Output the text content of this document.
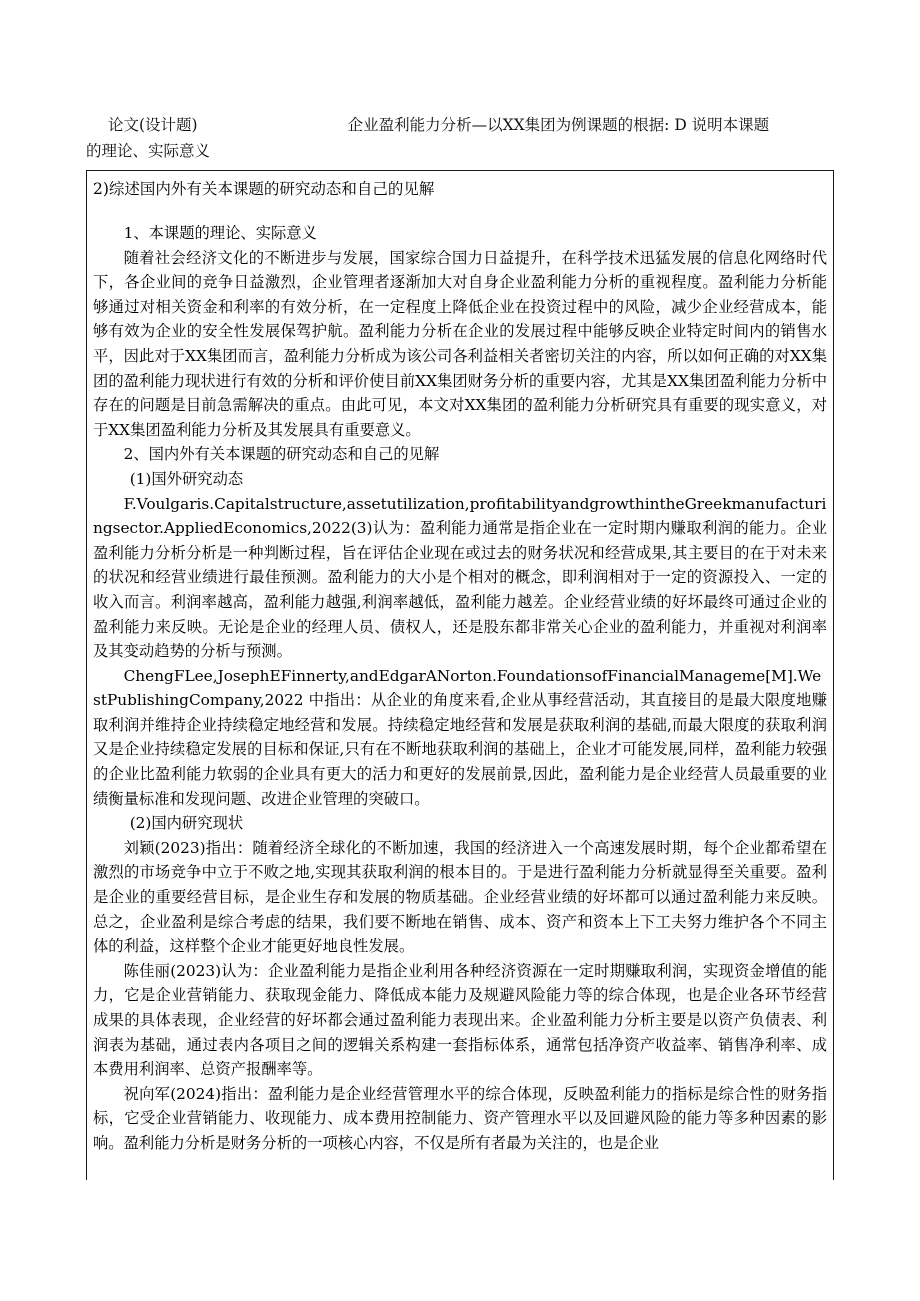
论文(设计题)	企业盈利能力分析—以XX集团为例课题的根据: D 说明本课题
的理论、实际意义
2)综述国内外有关本课题的研究动态和自己的见解

1、本课题的理论、实际意义

随着社会经济文化的不断进步与发展，国家综合国力日益提升，在科学技术迅猛发展的信息化网络时代下，各企业间的竞争日益激烈，企业管理者逐渐加大对自身企业盈利能力分析的重视程度。盈利能力分析能够通过对相关资金和利率的有效分析，在一定程度上降低企业在投资过程中的风险，减少企业经营成本，能够有效为企业的安全性发展保驾护航。盈利能力分析在企业的发展过程中能够反映企业特定时间内的销售水平，因此对于XX集团而言，盈利能力分析成为该公司各利益相关者密切关注的内容，所以如何正确的对XX集团的盈利能力现状进行有效的分析和评价使目前XX集团财务分析的重要内容，尤其是XX集团盈利能力分析中存在的问题是目前急需解决的重点。由此可见，本文对XX集团的盈利能力分析研究具有重要的现实意义，对于XX集团盈利能力分析及其发展具有重要意义。

2、国内外有关本课题的研究动态和自己的见解

(1)国外研究动态

F.Voulgaris.Capitalstructure,assetutilization,profitabilityandgrowthintheGreekmanufacturingsector.AppliedEconomics,2022(3)认为：盈利能力通常是指企业在一定时期内赚取利润的能力。企业盈利能力分析分析是一种判断过程，旨在评估企业现在或过去的财务状况和经营成果,其主要目的在于对未来的状况和经营业绩进行最佳预测。盈利能力的大小是个相对的概念，即利润相对于一定的资源投入、一定的收入而言。利润率越高，盈利能力越强,利润率越低，盈利能力越差。企业经营业绩的好坏最终可通过企业的盈利能力来反映。无论是企业的经理人员、债权人，还是股东都非常关心企业的盈利能力，并重视对利润率及其变动趋势的分析与预测。

ChengFLee,JosephEFinnerty,andEdgarANorton.FoundationsofFinancialManageme[M].WestPublishingCompany,2022 中指出：从企业的角度来看,企业从事经营活动，其直接目的是最大限度地赚取利润并维持企业持续稳定地经营和发展。持续稳定地经营和发展是获取利润的基础,而最大限度的获取利润又是企业持续稳定发展的目标和保证,只有在不断地获取利润的基础上，企业才可能发展,同样，盈利能力较强的企业比盈利能力软弱的企业具有更大的活力和更好的发展前景,因此，盈利能力是企业经营人员最重要的业绩衡量标准和发现问题、改进企业管理的突破口。

(2)国内研究现状

刘颖(2023)指出：随着经济全球化的不断加速，我国的经济进入一个高速发展时期，每个企业都希望在激烈的市场竞争中立于不败之地,实现其获取利润的根本目的。于是进行盈利能力分析就显得至关重要。盈利是企业的重要经营目标，是企业生存和发展的物质基础。企业经营业绩的好坏都可以通过盈利能力来反映。总之，企业盈利是综合考虑的结果，我们要不断地在销售、成本、资产和资本上下工夫努力维护各个不同主体的利益，这样整个企业才能更好地良性发展。

陈佳丽(2023)认为：企业盈利能力是指企业利用各种经济资源在一定时期赚取利润，实现资金增值的能力，它是企业营销能力、获取现金能力、降低成本能力及规避风险能力等的综合体现，也是企业各环节经营成果的具体表现，企业经营的好坏都会通过盈利能力表现出来。企业盈利能力分析主要是以资产负债表、利润表为基础，通过表内各项目之间的逻辑关系构建一套指标体系，通常包括净资产收益率、销售净利率、成本费用利润率、总资产报酬率等。

祝向军(2024)指出：盈利能力是企业经营管理水平的综合体现，反映盈利能力的指标是综合性的财务指标，它受企业营销能力、收现能力、成本费用控制能力、资产管理水平以及回避风险的能力等多种因素的影响。盈利能力分析是财务分析的一项核心内容，不仅是所有者最为关注的，也是企业
